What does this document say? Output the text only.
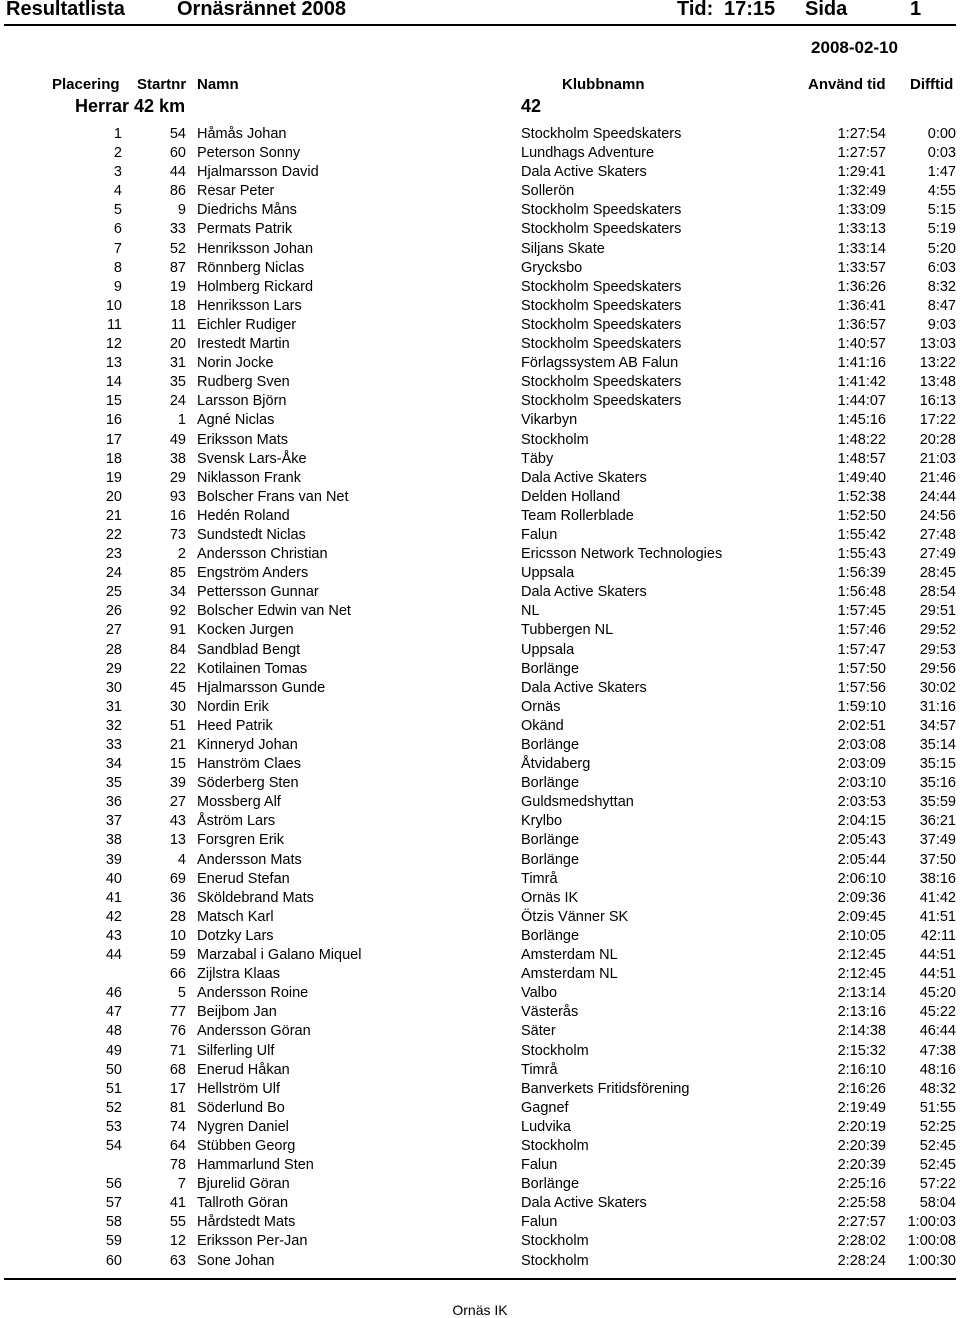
Resultatlista	Ornäsrännet 2008	Tid: 17:15 Sida	1
2008-02-10
Placering Startnr Namn	Klubbnamn	Använd tid Difftid
Herrar 42 km	42
1	54 Håmås Johan	Stockholm Speedskaters	1:27:54	0:00
2	60 Peterson Sonny	Lundhags Adventure	1:27:57	0:03
3	44 Hjalmarsson David	Dala Active Skaters	1:29:41	1:47
4	86 Resar Peter	Sollerön	1:32:49	4:55
5	9 Diedrichs Måns	Stockholm Speedskaters	1:33:09	5:15
6	33 Permats Patrik	Stockholm Speedskaters	1:33:13	5:19
7	52 Henriksson Johan	Siljans Skate	1:33:14	5:20
8	87 Rönnberg Niclas	Grycksbo	1:33:57	6:03
9	19 Holmberg Rickard	Stockholm Speedskaters	1:36:26	8:32
10	18 Henriksson Lars	Stockholm Speedskaters	1:36:41	8:47
11	11 Eichler Rudiger	Stockholm Speedskaters	1:36:57	9:03
12	20 Irestedt Martin	Stockholm Speedskaters	1:40:57 13:03
13	31 Norin Jocke	Förlagssystem AB Falun	1:41:16 13:22
14	35 Rudberg Sven	Stockholm Speedskaters	1:41:42 13:48
15	24 Larsson Björn	Stockholm Speedskaters	1:44:07 16:13
16	1 Agné Niclas	Vikarbyn	1:45:16 17:22
17	49 Eriksson Mats	Stockholm	1:48:22 20:28
18	38 Svensk Lars-Åke	Täby	1:48:57 21:03
19	29 Niklasson Frank	Dala Active Skaters	1:49:40 21:46
20	93 Bolscher Frans van Net	Delden Holland	1:52:38 24:44
21	16 Hedén Roland	Team Rollerblade	1:52:50 24:56
22	73 Sundstedt Niclas	Falun	1:55:42 27:48
23	2 Andersson Christian	Ericsson Network Technologies	1:55:43 27:49
24	85 Engström Anders	Uppsala	1:56:39 28:45
25	34 Pettersson Gunnar	Dala Active Skaters	1:56:48 28:54
26	92 Bolscher Edwin van Net	NL	1:57:45 29:51
27	91 Kocken Jurgen	Tubbergen NL	1:57:46 29:52
28	84 Sandblad Bengt	Uppsala	1:57:47 29:53
29	22 Kotilainen Tomas	Borlänge	1:57:50 29:56
30	45 Hjalmarsson Gunde	Dala Active Skaters	1:57:56 30:02
31	30 Nordin Erik	Ornäs	1:59:10 31:16
32	51 Heed Patrik	Okänd	2:02:51 34:57
33	21 Kinneryd Johan	Borlänge	2:03:08 35:14
34	15 Hanström Claes	Åtvidaberg	2:03:09 35:15
35	39 Söderberg Sten	Borlänge	2:03:10 35:16
36	27 Mossberg Alf	Guldsmedshyttan	2:03:53 35:59
37	43 Åström Lars	Krylbo	2:04:15 36:21
38	13 Forsgren Erik	Borlänge	2:05:43 37:49
39	4 Andersson Mats	Borlänge	2:05:44 37:50
40	69 Enerud Stefan	Timrå	2:06:10 38:16
41	36 Sköldebrand Mats	Ornäs IK	2:09:36 41:42
42	28 Matsch Karl	Ötzis Vänner SK	2:09:45 41:51
43	10 Dotzky Lars	Borlänge	2:10:05 42:11
44	59 Marzabal i Galano Miquel	Amsterdam NL	2:12:45 44:51
66 Zijlstra Klaas	Amsterdam NL	2:12:45 44:51
46	5 Andersson Roine	Valbo	2:13:14 45:20
47	77 Beijbom Jan	Västerås	2:13:16 45:22
48	76 Andersson Göran	Säter	2:14:38 46:44
49	71 Silferling Ulf	Stockholm	2:15:32 47:38
50	68 Enerud Håkan	Timrå	2:16:10 48:16
51	17 Hellström Ulf	Banverkets Fritidsförening	2:16:26 48:32
52	81 Söderlund Bo	Gagnef	2:19:49 51:55
53	74 Nygren Daniel	Ludvika	2:20:19 52:25
54	64 Stübben Georg	Stockholm	2:20:39 52:45
78 Hammarlund Sten	Falun	2:20:39 52:45
56	7 Bjurelid Göran	Borlänge	2:25:16 57:22
57	41 Tallroth Göran	Dala Active Skaters	2:25:58 58:04
58	55 Hårdstedt Mats	Falun	2:27:57 1:00:03
59	12 Eriksson Per-Jan	Stockholm	2:28:02 1:00:08
60	63 Sone Johan	Stockholm	2:28:24 1:00:30
Ornäs IK
